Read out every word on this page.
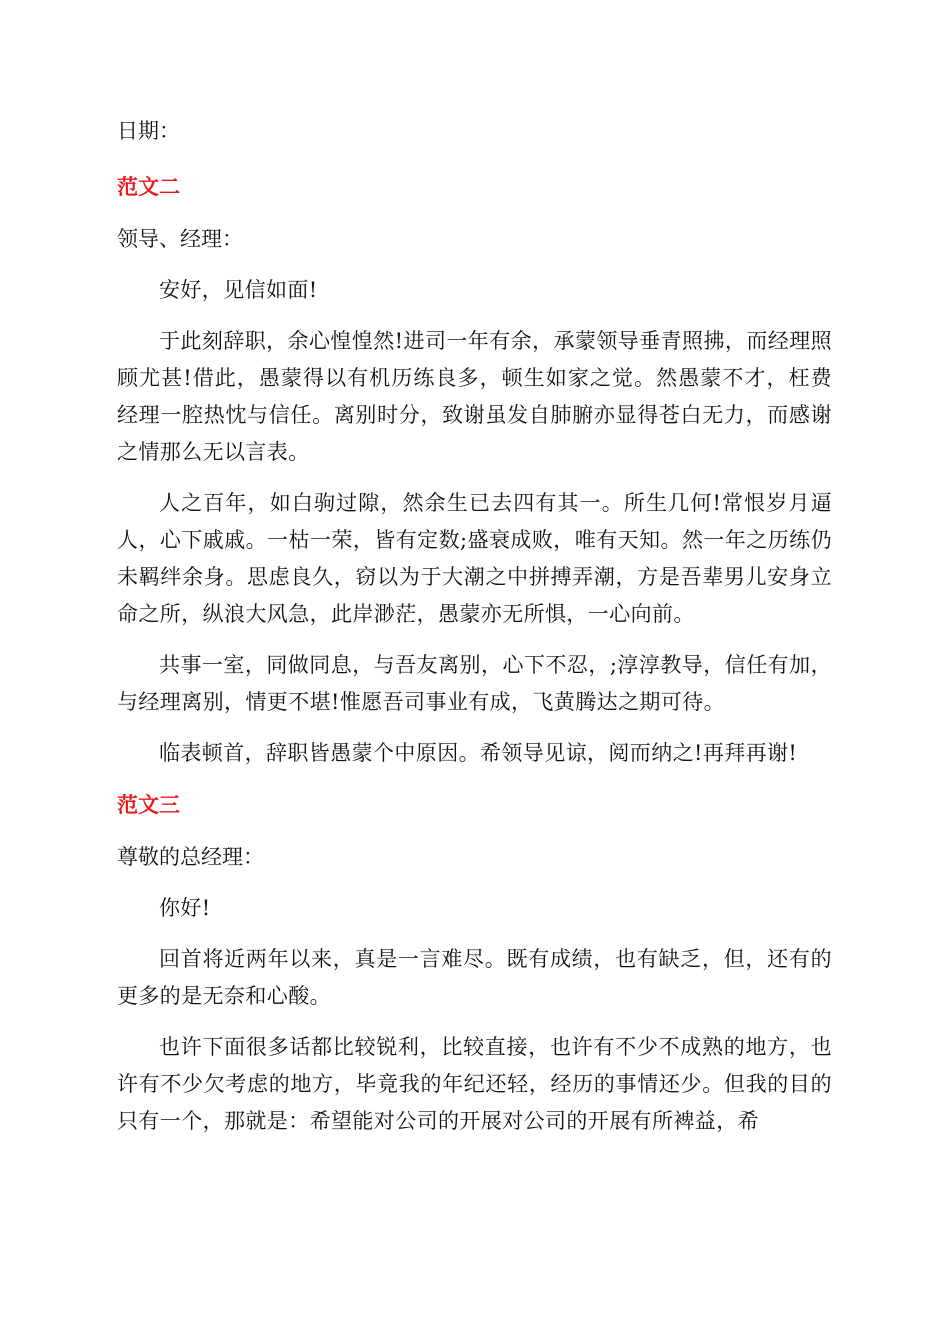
日期：

范文二

领导、经理：

安好，见信如面!

于此刻辞职，余心惶惶然!进司一年有余，承蒙领导垂青照拂，而经理照顾尤甚!借此，愚蒙得以有机历练良多，顿生如家之觉。然愚蒙不才，枉费经理一腔热忱与信任。离别时分，致谢虽发自肺腑亦显得苍白无力，而感谢之情那么无以言表。

人之百年，如白驹过隙，然余生已去四有其一。所生几何!常恨岁月逼人，心下戚戚。一枯一荣，皆有定数;盛衰成败，唯有天知。然一年之历练仍未羁绊余身。思虑良久，窃以为于大潮之中拼搏弄潮，方是吾辈男儿安身立命之所，纵浪大风急，此岸渺茫，愚蒙亦无所惧，一心向前。

共事一室，同做同息，与吾友离别，心下不忍，;淳淳教导，信任有加，与经理离别，情更不堪!惟愿吾司事业有成，飞黄腾达之期可待。

临表顿首，辞职皆愚蒙个中原因。希领导见谅，阅而纳之!再拜再谢!

范文三

尊敬的总经理：

你好!

回首将近两年以来，真是一言难尽。既有成绩，也有缺乏，但，还有的更多的是无奈和心酸。

也许下面很多话都比较锐利，比较直接，也许有不少不成熟的地方，也许有不少欠考虑的地方，毕竟我的年纪还轻，经历的事情还少。但我的目的只有一个，那就是：希望能对公司的开展对公司的开展有所裨益，希
